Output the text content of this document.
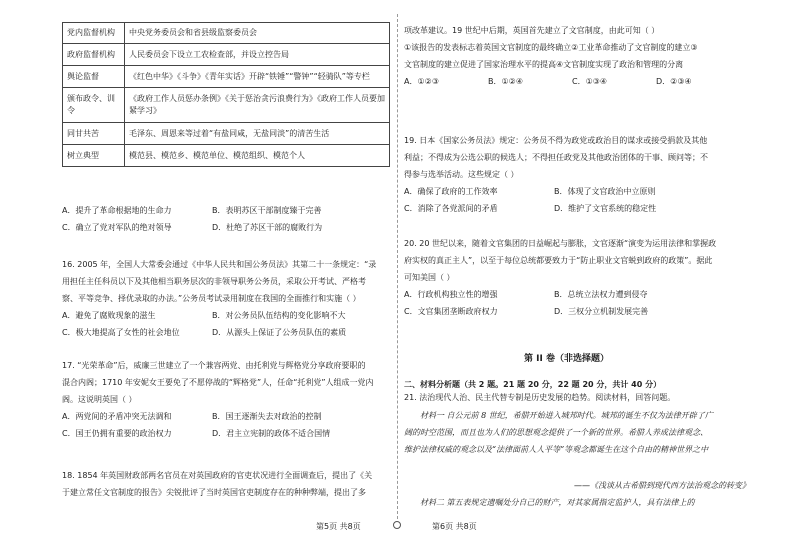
党内监督机构	中央党务委员会和省县级监察委员会
政府监督机构	人民委员会下设立工农检查部，并设立控告局
舆论监督	《红色中华》《斗争》《青年实话》开辟“铁锤”“警钟”“轻骑队”等专栏
颁布政令、训令	《政府工作人员惩办条例》《关于惩治贪污浪费行为》《政府工作人员要加紧学习》
同甘共苦	毛泽东、周恩来等过着“有盐同咸，无盐同淡”的清苦生活
树立典型	模范县、模范乡、模范单位、模范组织、模范个人
A．提升了革命根据地的生命力	B．表明苏区干部制度臻于完善
C．确立了党对军队的绝对领导	D．杜绝了苏区干部的腐败行为
16. 2005 年，全国人大常委会通过《中华人民共和国公务员法》其第二十一条规定：“录
用担任主任科员以下及其他相当职务层次的非领导职务公务员，采取公开考试、严格考
察、平等竞争、择优录取的办法。”公务员考试录用制度在我国的全面推行和实施（ ）
A．避免了腐败现象的滋生	B．对公务员队伍结构的变化影响不大
C．极大地提高了女性的社会地位	D．从源头上保证了公务员队伍的素质
17. “光荣革命”后，威廉三世建立了一个兼容两党、由托利党与辉格党分享政府要职的
混合内阁；1710 年安妮女王要免了不愿停战的“辉格党”人，任命“托利党”人组成一党内
阁。这说明英国（ ）
A．两党间的矛盾冲突无法调和	B．国王逐渐失去对政治的控制
C．国王仍拥有重要的政治权力	D．君主立宪制的政体不适合国情
18. 1854 年英国财政部两名官员在对英国政府的官吏状况进行全面调查后，提出了《关
于建立常任文官制度的报告》尖锐批评了当时英国官吏制度存在的种种弊端，提出了多
项改革建议。19 世纪中后期，英国首先建立了文官制度，由此可知（ ）
①该报告的发表标志着英国文官制度的最终确立②工业革命推动了文官制度的建立③
文官制度的建立促进了国家治理水平的提高④文官制度实现了政治和管理的分离
A．①②③	B．①②④	C．①③④	D．②③④
19. 日本《国家公务员法》规定：公务员不得为政党或政治目的谋求或接受捐款及其他
利益；不得成为公选公职的候选人；不得担任政党及其他政治团体的干事、顾问等；不
得参与选举活动。这些规定（ ）
A．确保了政府的工作效率	B．体现了文官政治中立原则
C．消除了各党派间的矛盾	D．维护了文官系统的稳定性
20. 20 世纪以来，随着文官集团的日益崛起与膨胀，文官逐渐“演变为运用法律和掌握政
府实权的真正主人”，以至于每位总统都要致力于“防止职业文官蜕到政府的政策”。据此
可知美国（ ）
A．行政机构独立性的增强	B．总统立法权力遭到侵夺
C．文官集团垄断政府权力	D．三权分立机制发展完善
第 II 卷（非选择题）
二、材料分析题（共 2 题。21 题 20 分，22 题 20 分，共计 40 分）
21. 法治现代人治、民主代替专制是历史发展的趋势。阅读材料，回答问题。
材料一 自公元前 8 世纪，希腊开始进入城邦时代。城邦的诞生不仅为法律开辟了广
阔的时空范围，而且也为人们的思想观念提供了一个新的世界。希腊人养成法律观念、
维护法律权威的观念以及“法律面前人人平等”等观念都诞生在这个自由的精神世界之中
——《浅谈从古希腊到现代西方法治观念的转变》
材料二 第五表规定遗嘱处分自己的财产，对其家属指定监护人，具有法律上的
第5页 共8页	第6页 共8页
